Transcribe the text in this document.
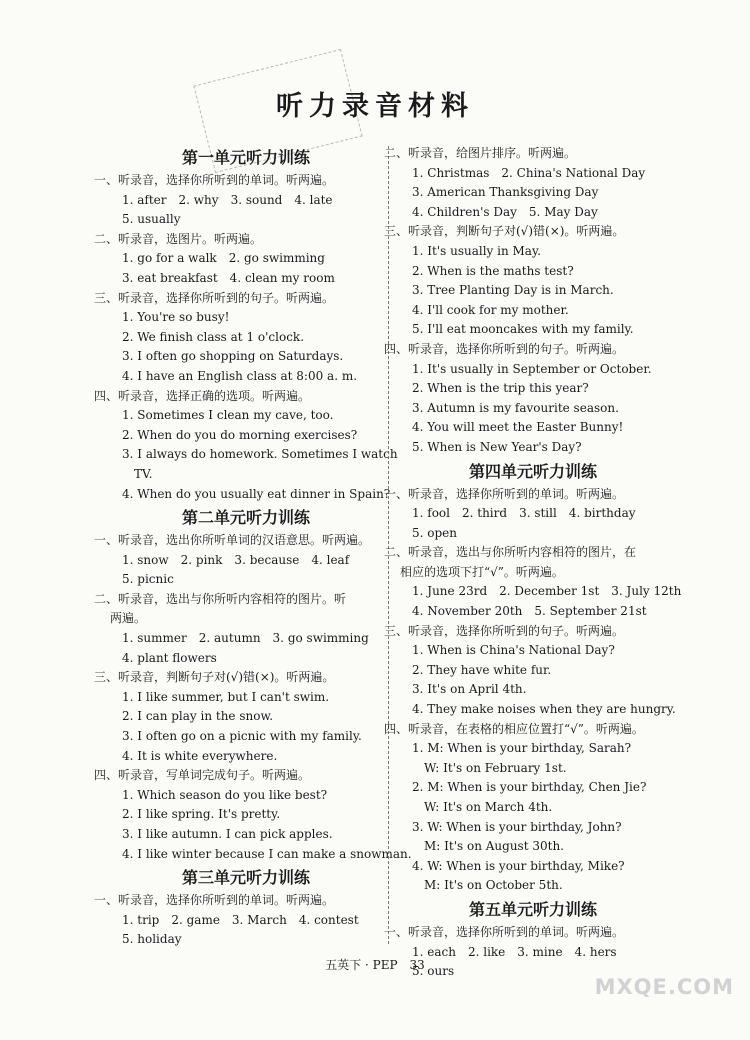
听力录音材料
第一单元听力训练
一、听录音，选择你所听到的单词。听两遍。
1. after　2. why　3. sound　4. late
5. usually
二、听录音，选图片。听两遍。
1. go for a walk　2. go swimming
3. eat breakfast　4. clean my room
三、听录音，选择你所听到的句子。听两遍。
1. You're so busy!
2. We finish class at 1 o'clock.
3. I often go shopping on Saturdays.
4. I have an English class at 8:00 a. m.
四、听录音，选择正确的选项。听两遍。
1. Sometimes I clean my cave, too.
2. When do you do morning exercises?
3. I always do homework. Sometimes I watch
TV.
4. When do you usually eat dinner in Spain?
第二单元听力训练
一、听录音，选出你所听单词的汉语意思。听两遍。
1. snow　2. pink　3. because　4. leaf
5. picnic
二、听录音，选出与你所听内容相符的图片。听
两遍。
1. summer　2. autumn　3. go swimming
4. plant flowers
三、听录音，判断句子对(√)错(×)。听两遍。
1. I like summer, but I can't swim.
2. I can play in the snow.
3. I often go on a picnic with my family.
4. It is white everywhere.
四、听录音，写单词完成句子。听两遍。
1. Which season do you like best?
2. I like spring. It's pretty.
3. I like autumn. I can pick apples.
4. I like winter because I can make a snowman.
第三单元听力训练
一、听录音，选择你所听到的单词。听两遍。
1. trip　2. game　3. March　4. contest
5. holiday
二、听录音，给图片排序。听两遍。
1. Christmas　2. China's National Day
3. American Thanksgiving Day
4. Children's Day　5. May Day
三、听录音，判断句子对(√)错(×)。听两遍。
1. It's usually in May.
2. When is the maths test?
3. Tree Planting Day is in March.
4. I'll cook for my mother.
5. I'll eat mooncakes with my family.
四、听录音，选择你所听到的句子。听两遍。
1. It's usually in September or October.
2. When is the trip this year?
3. Autumn is my favourite season.
4. You will meet the Easter Bunny!
5. When is New Year's Day?
第四单元听力训练
一、听录音，选择你所听到的单词。听两遍。
1. fool　2. third　3. still　4. birthday
5. open
二、听录音，选出与你所听内容相符的图片，在
相应的选项下打“√”。听两遍。
1. June 23rd　2. December 1st　3. July 12th
4. November 20th　5. September 21st
三、听录音，选择你所听到的句子。听两遍。
1. When is China's National Day?
2. They have white fur.
3. It's on April 4th.
4. They make noises when they are hungry.
四、听录音，在表格的相应位置打“√”。听两遍。
1. M: When is your birthday, Sarah?
W: It's on February 1st.
2. M: When is your birthday, Chen Jie?
W: It's on March 4th.
3. W: When is your birthday, John?
M: It's on August 30th.
4. W: When is your birthday, Mike?
M: It's on October 5th.
第五单元听力训练
一、听录音，选择你所听到的单词。听两遍。
1. each　2. like　3. mine　4. hers
5. ours
五英下 · PEP　33
MXQE.COM
